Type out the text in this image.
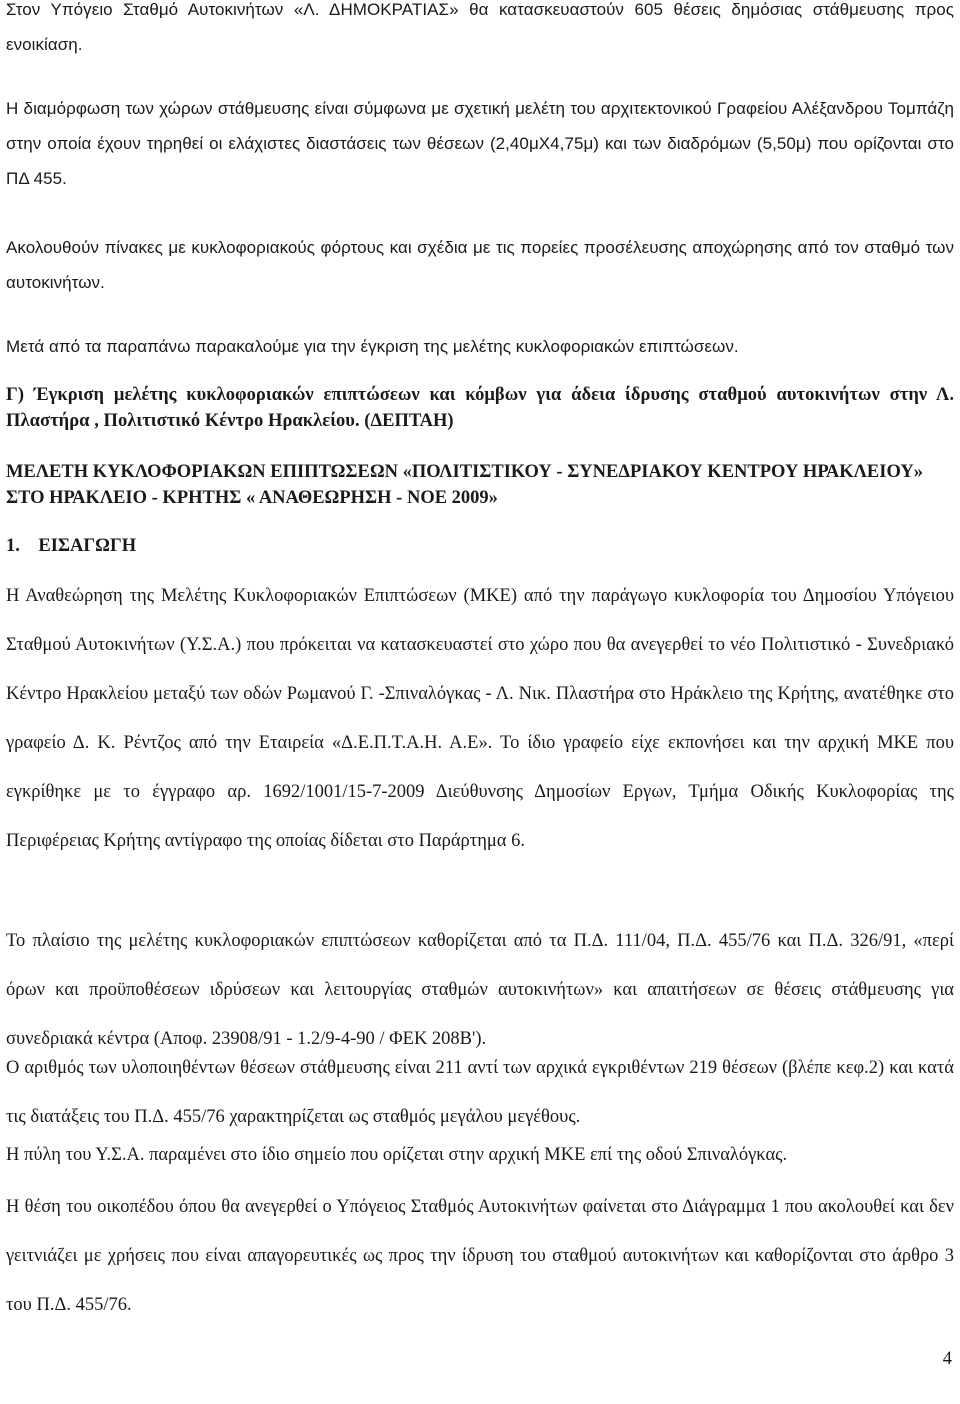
Στον Υπόγειο Σταθμό Αυτοκινήτων «Λ. ΔΗΜΟΚΡΑΤΙΑΣ» θα κατασκευαστούν 605 θέσεις δημόσιας στάθμευσης προς ενοικίαση.

Η διαμόρφωση των χώρων στάθμευσης είναι σύμφωνα με σχετική μελέτη του αρχιτεκτονικού Γραφείου Αλέξανδρου Τομπάζη στην οποία έχουν τηρηθεί οι ελάχιστες διαστάσεις των θέσεων (2,40μΧ4,75μ) και των διαδρόμων (5,50μ) που ορίζονται στο ΠΔ 455.

Ακολουθούν πίνακες με κυκλοφοριακούς φόρτους και σχέδια με τις πορείες προσέλευσης αποχώρησης από τον σταθμό των αυτοκινήτων.

Μετά από τα παραπάνω παρακαλούμε για την έγκριση της μελέτης κυκλοφοριακών επιπτώσεων.

Γ) Έγκριση μελέτης κυκλοφοριακών επιπτώσεων και κόμβων για άδεια ίδρυσης σταθμού αυτοκινήτων στην Λ. Πλαστήρα , Πολιτιστικό Κέντρο Ηρακλείου. (ΔΕΠΤΑΗ)

ΜΕΛΕΤΗ ΚΥΚΛΟΦΟΡΙΑΚΩΝ ΕΠΙΠΤΩΣΕΩΝ «ΠΟΛΙΤΙΣΤΙΚΟΥ - ΣΥΝΕΔΡΙΑΚΟΥ ΚΕΝΤΡΟΥ ΗΡΑΚΛΕΙΟΥ» ΣΤΟ ΗΡΑΚΛΕΙΟ - ΚΡΗΤΗΣ « ΑΝΑΘΕΩΡΗΣΗ - ΝΟΕ 2009»

1.    ΕΙΣΑΓΩΓΗ

Η Αναθεώρηση της Μελέτης Κυκλοφοριακών Επιπτώσεων (ΜΚΕ) από την παράγωγο κυκλοφορία του Δημοσίου Υπόγειου Σταθμού Αυτοκινήτων (Υ.Σ.Α.) που πρόκειται να κατασκευαστεί στο χώρο που θα ανεγερθεί το νέο Πολιτιστικό - Συνεδριακό Κέντρο Ηρακλείου μεταξύ των οδών Ρωμανού Γ. -Σπιναλόγκας - Λ. Νικ. Πλαστήρα στο Ηράκλειο της Κρήτης, ανατέθηκε στο γραφείο Δ. Κ. Ρέντζος από την Εταιρεία «Δ.Ε.Π.Τ.Α.Η. Α.Ε». Το ίδιο γραφείο είχε εκπονήσει και την αρχική ΜΚΕ που εγκρίθηκε με το έγγραφο αρ. 1692/1001/15-7-2009 Διεύθυνσης Δημοσίων Εργων, Τμήμα Οδικής Κυκλοφορίας της Περιφέρειας Κρήτης αντίγραφο της οποίας δίδεται στο Παράρτημα 6.

Το πλαίσιο της μελέτης κυκλοφοριακών επιπτώσεων καθορίζεται από τα Π.Δ. 111/04, Π.Δ. 455/76 και Π.Δ. 326/91, «περί όρων και προϋποθέσεων ιδρύσεων και λειτουργίας σταθμών αυτοκινήτων» και απαιτήσεων σε θέσεις στάθμευσης για συνεδριακά κέντρα (Αποφ. 23908/91 - 1.2/9-4-90 / ΦΕΚ 208Β').

Ο αριθμός των υλοποιηθέντων θέσεων στάθμευσης είναι 211 αντί των αρχικά εγκριθέντων 219 θέσεων (βλέπε κεφ.2) και κατά τις διατάξεις του Π.Δ. 455/76 χαρακτηρίζεται ως σταθμός μεγάλου μεγέθους.

Η πύλη του Υ.Σ.Α. παραμένει στο ίδιο σημείο που ορίζεται στην αρχική ΜΚΕ επί της οδού Σπιναλόγκας.

Η θέση του οικοπέδου όπου θα ανεγερθεί ο Υπόγειος Σταθμός Αυτοκινήτων φαίνεται στο Διάγραμμα 1 που ακολουθεί και δεν γειτνιάζει με χρήσεις που είναι απαγορευτικές ως προς την ίδρυση του σταθμού αυτοκινήτων και καθορίζονται στο άρθρο 3 του Π.Δ. 455/76.

4
